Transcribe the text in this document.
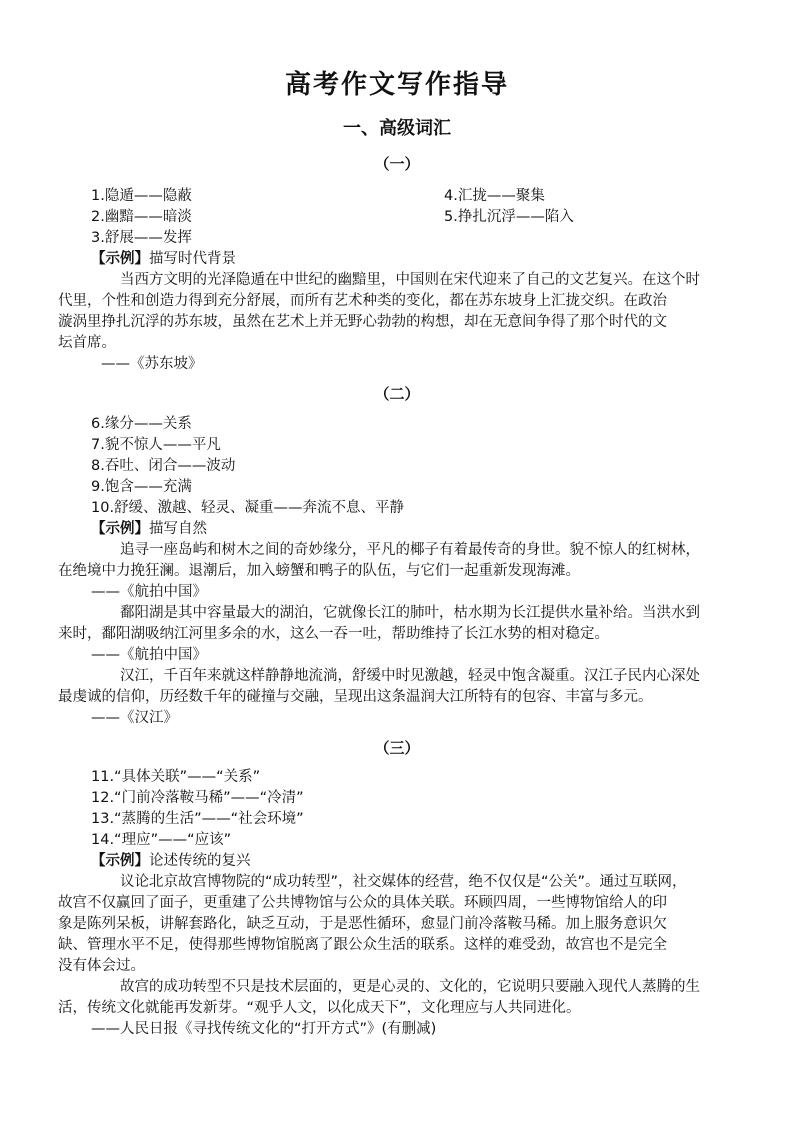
高考作文写作指导
一、高级词汇
（一）
1.隐遁——隐蔽
2.幽黯——暗淡
3.舒展——发挥
4.汇拢——聚集
5.挣扎沉浮——陷入
【示例】描写时代背景
当西方文明的光泽隐遁在中世纪的幽黯里，中国则在宋代迎来了自己的文艺复兴。在这个时
代里，个性和创造力得到充分舒展，而所有艺术种类的变化，都在苏东坡身上汇拢交织。在政治
漩涡里挣扎沉浮的苏东坡，虽然在艺术上并无野心勃勃的构想，却在无意间争得了那个时代的文
坛首席。
——《苏东坡》
（二）
6.缘分——关系
7.貌不惊人——平凡
8.吞吐、闭合——波动
9.饱含——充满
10.舒缓、激越、轻灵、凝重——奔流不息、平静
【示例】描写自然
追寻一座岛屿和树木之间的奇妙缘分，平凡的椰子有着最传奇的身世。貌不惊人的红树林，
在绝境中力挽狂澜。退潮后，加入螃蟹和鸭子的队伍，与它们一起重新发现海滩。
——《航拍中国》
鄱阳湖是其中容量最大的湖泊，它就像长江的肺叶，枯水期为长江提供水量补给。当洪水到
来时，鄱阳湖吸纳江河里多余的水，这么一吞一吐，帮助维持了长江水势的相对稳定。
——《航拍中国》
汉江，千百年来就这样静静地流淌，舒缓中时见激越，轻灵中饱含凝重。汉江子民内心深处
最虔诚的信仰，历经数千年的碰撞与交融，呈现出这条温润大江所特有的包容、丰富与多元。
——《汉江》
（三）
11.“具体关联”——“关系”
12.“门前冷落鞍马稀”——“冷清”
13.“蒸腾的生活”——“社会环境”
14.“理应”——“应该”
【示例】论述传统的复兴
议论北京故宫博物院的“成功转型”，社交媒体的经营，绝不仅仅是“公关”。通过互联网，
故宫不仅赢回了面子，更重建了公共博物馆与公众的具体关联。环顾四周，一些博物馆给人的印
象是陈列呆板，讲解套路化，缺乏互动，于是恶性循环，愈显门前冷落鞍马稀。加上服务意识欠
缺、管理水平不足，使得那些博物馆脱离了跟公众生活的联系。这样的难受劲，故宫也不是完全
没有体会过。
故宫的成功转型不只是技术层面的，更是心灵的、文化的，它说明只要融入现代人蒸腾的生
活，传统文化就能再发新芽。“观乎人文，以化成天下”，文化理应与人共同进化。
——人民日报《寻找传统文化的“打开方式”》(有删减)
